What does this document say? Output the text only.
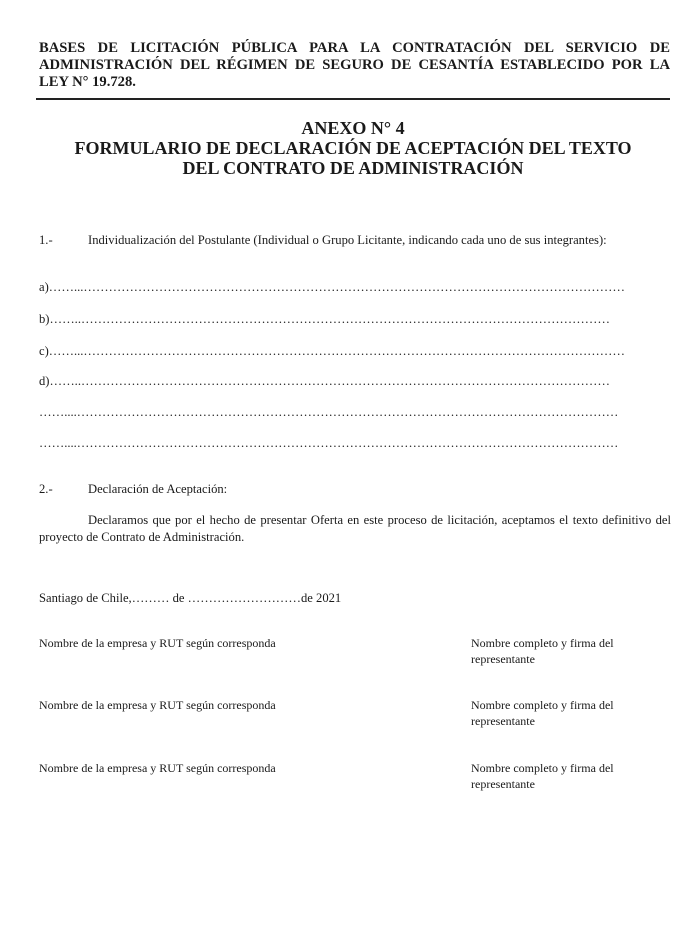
BASES DE LICITACIÓN PÚBLICA PARA LA CONTRATACIÓN DEL SERVICIO DE ADMINISTRACIÓN DEL RÉGIMEN DE SEGURO DE CESANTÍA ESTABLECIDO POR LA LEY N° 19.728.
ANEXO N° 4
FORMULARIO DE DECLARACIÓN DE ACEPTACIÓN DEL TEXTO
DEL CONTRATO DE ADMINISTRACIÓN
1.-	Individualización del Postulante (Individual o Grupo Licitante, indicando cada uno de sus integrantes):
a)……...…………………………………………………………………………………………………………………
b)……..………………………………………………………………………………………………………………
c)……...…………………………………………………………………………………………………………………
d)……..………………………………………………………………………………………………………………
……....…………………………………………………………………………………………………………………
……....…………………………………………………………………………………………………………………
2.-	Declaración de Aceptación:
Declaramos que por el hecho de presentar Oferta en este proceso de licitación, aceptamos el texto definitivo del proyecto de Contrato de Administración.
Santiago de Chile,……… de ………………………de 2021
Nombre de la empresa y RUT según corresponda	Nombre completo y firma del representante
Nombre de la empresa y RUT según corresponda	Nombre completo y firma del representante
Nombre de la empresa y RUT según corresponda	Nombre completo y firma del representante
